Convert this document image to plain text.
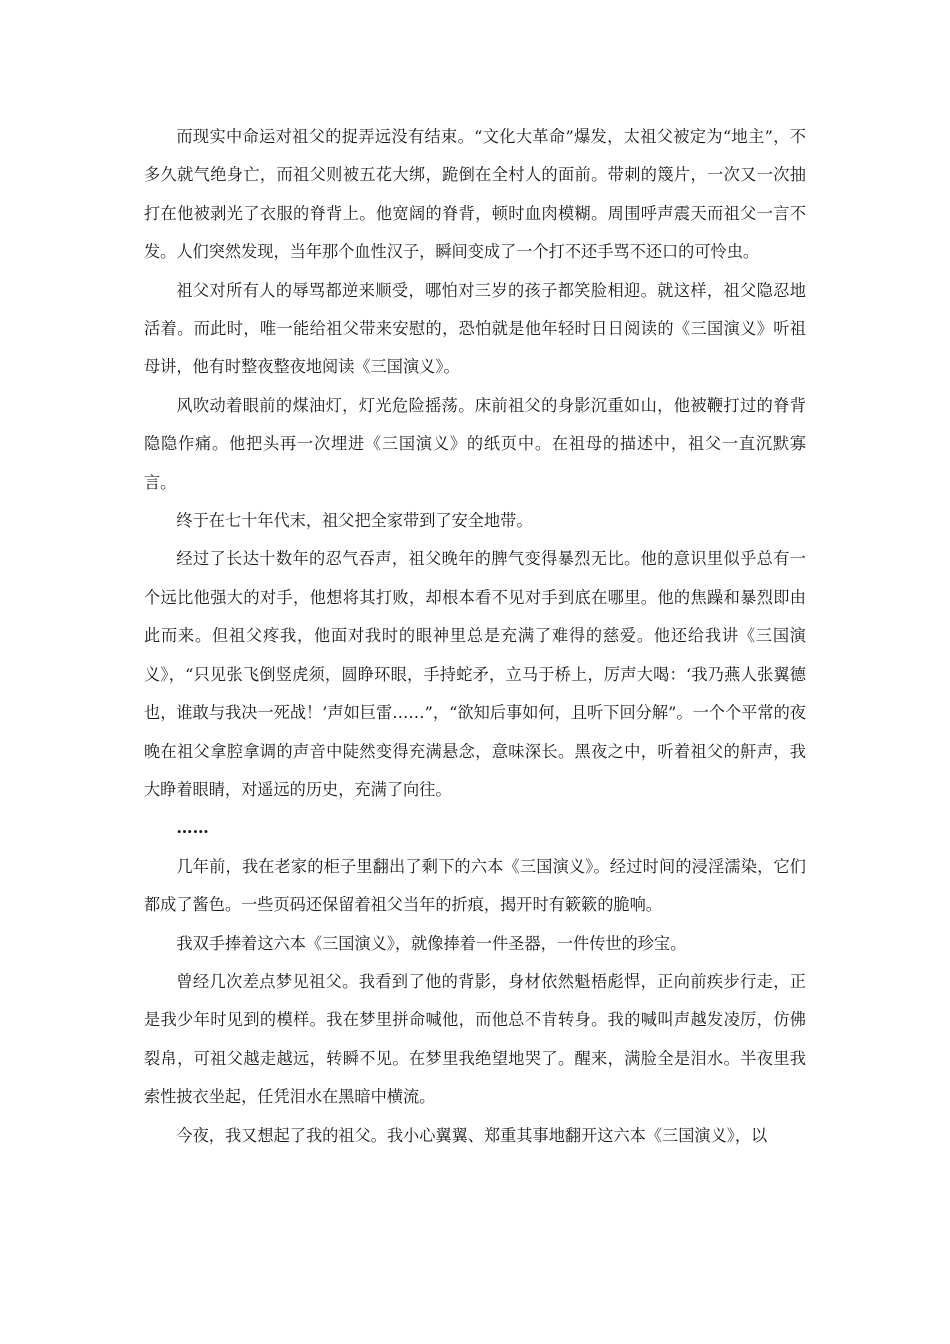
而现实中命运对祖父的捉弄远没有结束。“文化大革命”爆发，太祖父被定为“地主”，不多久就气绝身亡，而祖父则被五花大绑，跪倒在全村人的面前。带刺的篾片，一次又一次抽打在他被剥光了衣服的脊背上。他宽阔的脊背，顿时血肉模糊。周围呼声震天而祖父一言不发。人们突然发现，当年那个血性汉子，瞬间变成了一个打不还手骂不还口的可怜虫。

祖父对所有人的辱骂都逆来顺受，哪怕对三岁的孩子都笑脸相迎。就这样，祖父隐忍地活着。而此时，唯一能给祖父带来安慰的，恐怕就是他年轻时日日阅读的《三国演义》听祖母讲，他有时整夜整夜地阅读《三国演义》。

风吹动着眼前的煤油灯，灯光危险摇荡。床前祖父的身影沉重如山，他被鞭打过的脊背隐隐作痛。他把头再一次埋进《三国演义》的纸页中。在祖母的描述中，祖父一直沉默寡言。

终于在七十年代末，祖父把全家带到了安全地带。

经过了长达十数年的忍气吞声，祖父晚年的脾气变得暴烈无比。他的意识里似乎总有一个远比他强大的对手，他想将其打败，却根本看不见对手到底在哪里。他的焦躁和暴烈即由此而来。但祖父疼我，他面对我时的眼神里总是充满了难得的慈爱。他还给我讲《三国演义》，“只见张飞倒竖虎须，圆睁环眼，手持蛇矛，立马于桥上，厉声大喝：‘我乃燕人张翼德也，谁敢与我决一死战！’声如巨雷……”，“欲知后事如何，且听下回分解”。一个个平常的夜晚在祖父拿腔拿调的声音中陡然变得充满悬念，意味深长。黑夜之中，听着祖父的鼾声，我大睁着眼睛，对遥远的历史，充满了向往。

……

几年前，我在老家的柜子里翻出了剩下的六本《三国演义》。经过时间的浸淫濡染，它们都成了酱色。一些页码还保留着祖父当年的折痕，揭开时有簌簌的脆响。

我双手捧着这六本《三国演义》，就像捧着一件圣器，一件传世的珍宝。

曾经几次差点梦见祖父。我看到了他的背影，身材依然魁梧彪悍，正向前疾步行走，正是我少年时见到的模样。我在梦里拼命喊他，而他总不肯转身。我的喊叫声越发凌厉，仿佛裂帛，可祖父越走越远，转瞬不见。在梦里我绝望地哭了。醒来，满脸全是泪水。半夜里我索性披衣坐起，任凭泪水在黑暗中横流。

今夜，我又想起了我的祖父。我小心翼翼、郑重其事地翻开这六本《三国演义》，以
